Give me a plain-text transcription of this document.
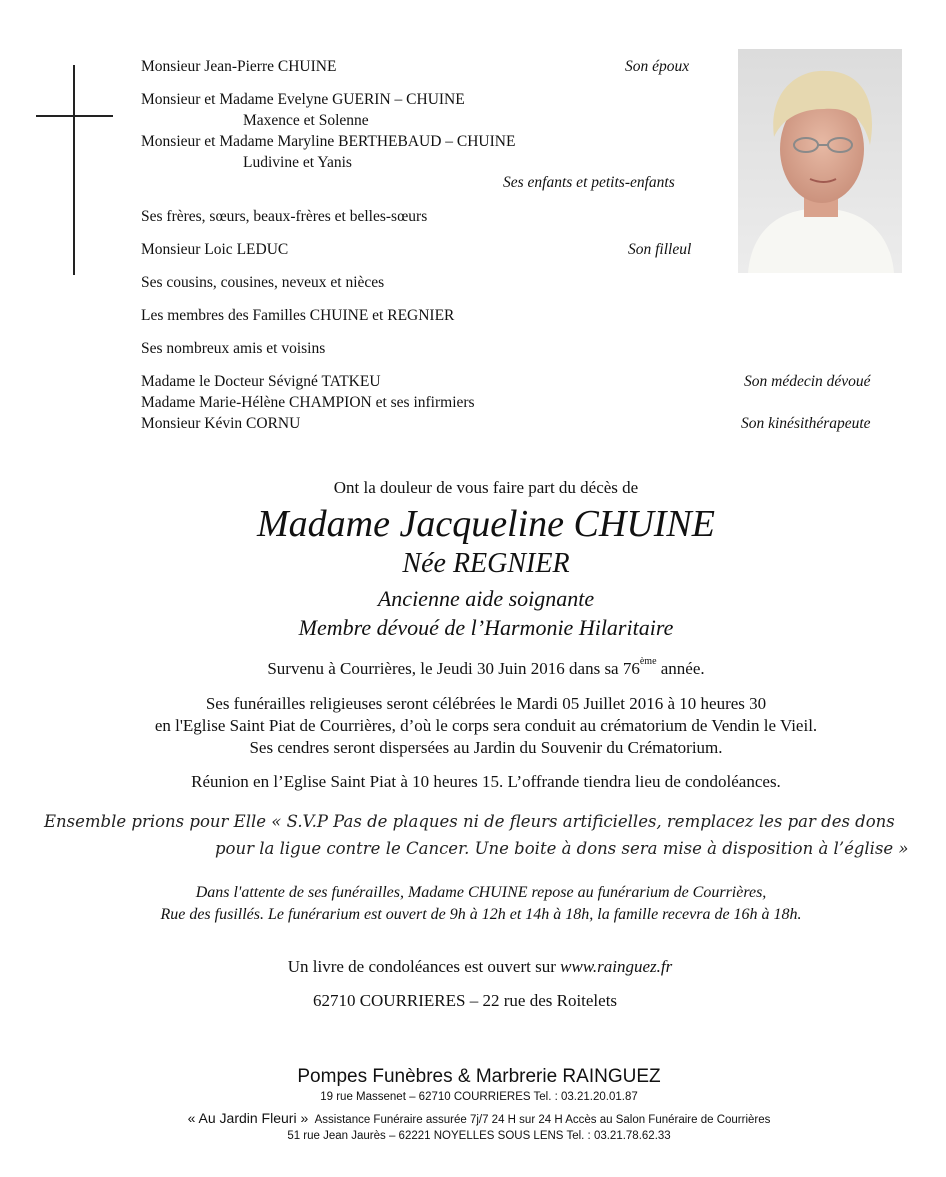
Monsieur Jean-Pierre CHUINE	Son époux
Monsieur et Madame Evelyne GUERIN – CHUINE
Maxence et Solenne
Monsieur et Madame Maryline BERTHEBAUD – CHUINE
Ludivine et Yanis
Ses enfants et petits-enfants
Ses frères, sœurs, beaux-frères et belles-sœurs
Monsieur Loic LEDUC	Son filleul
Ses cousins, cousines, neveux et nièces
Les membres des Familles CHUINE et REGNIER
Ses nombreux amis et voisins
Madame le Docteur Sévigné TATKEU	Son médecin dévoué
Madame Marie-Hélène CHAMPION et ses infirmiers
Monsieur Kévin CORNU	Son kinésithérapeute
Ont la douleur de vous faire part du décès de
Madame Jacqueline CHUINE
Née REGNIER
Ancienne aide soignante
Membre dévoué de l’Harmonie Hilaritaire
Survenu à Courrières, le Jeudi 30 Juin 2016 dans sa 76ème année.
Ses funérailles religieuses seront célébrées le Mardi 05 Juillet 2016 à 10 heures 30
en l'Eglise Saint Piat de Courrières, d’où le corps sera conduit au crématorium de Vendin le Vieil.
Ses cendres seront dispersées au Jardin du Souvenir du Crématorium.
Réunion en l’Eglise Saint Piat à 10 heures 15. L’offrande tiendra lieu de condoléances.
Ensemble prions pour Elle « S.V.P Pas de plaques ni de fleurs artificielles, remplacez les par des dons
pour la ligue contre le Cancer. Une boite à dons sera mise à disposition à l’église »
Dans l'attente de ses funérailles, Madame CHUINE repose au funérarium de Courrières,
Rue des fusillés. Le funérarium est ouvert de 9h à 12h et 14h à 18h, la famille recevra de 16h à 18h.
Un livre de condoléances est ouvert sur www.rainguez.fr
62710 COURRIERES – 22 rue des Roitelets
Pompes Funèbres & Marbrerie RAINGUEZ
19 rue Massenet – 62710 COURRIERES Tel. : 03.21.20.01.87
« Au Jardin Fleuri » Assistance Funéraire assurée 7j/7 24 H sur 24 H Accès au Salon Funéraire de Courrières
51 rue Jean Jaurès – 62221 NOYELLES SOUS LENS Tel. : 03.21.78.62.33
